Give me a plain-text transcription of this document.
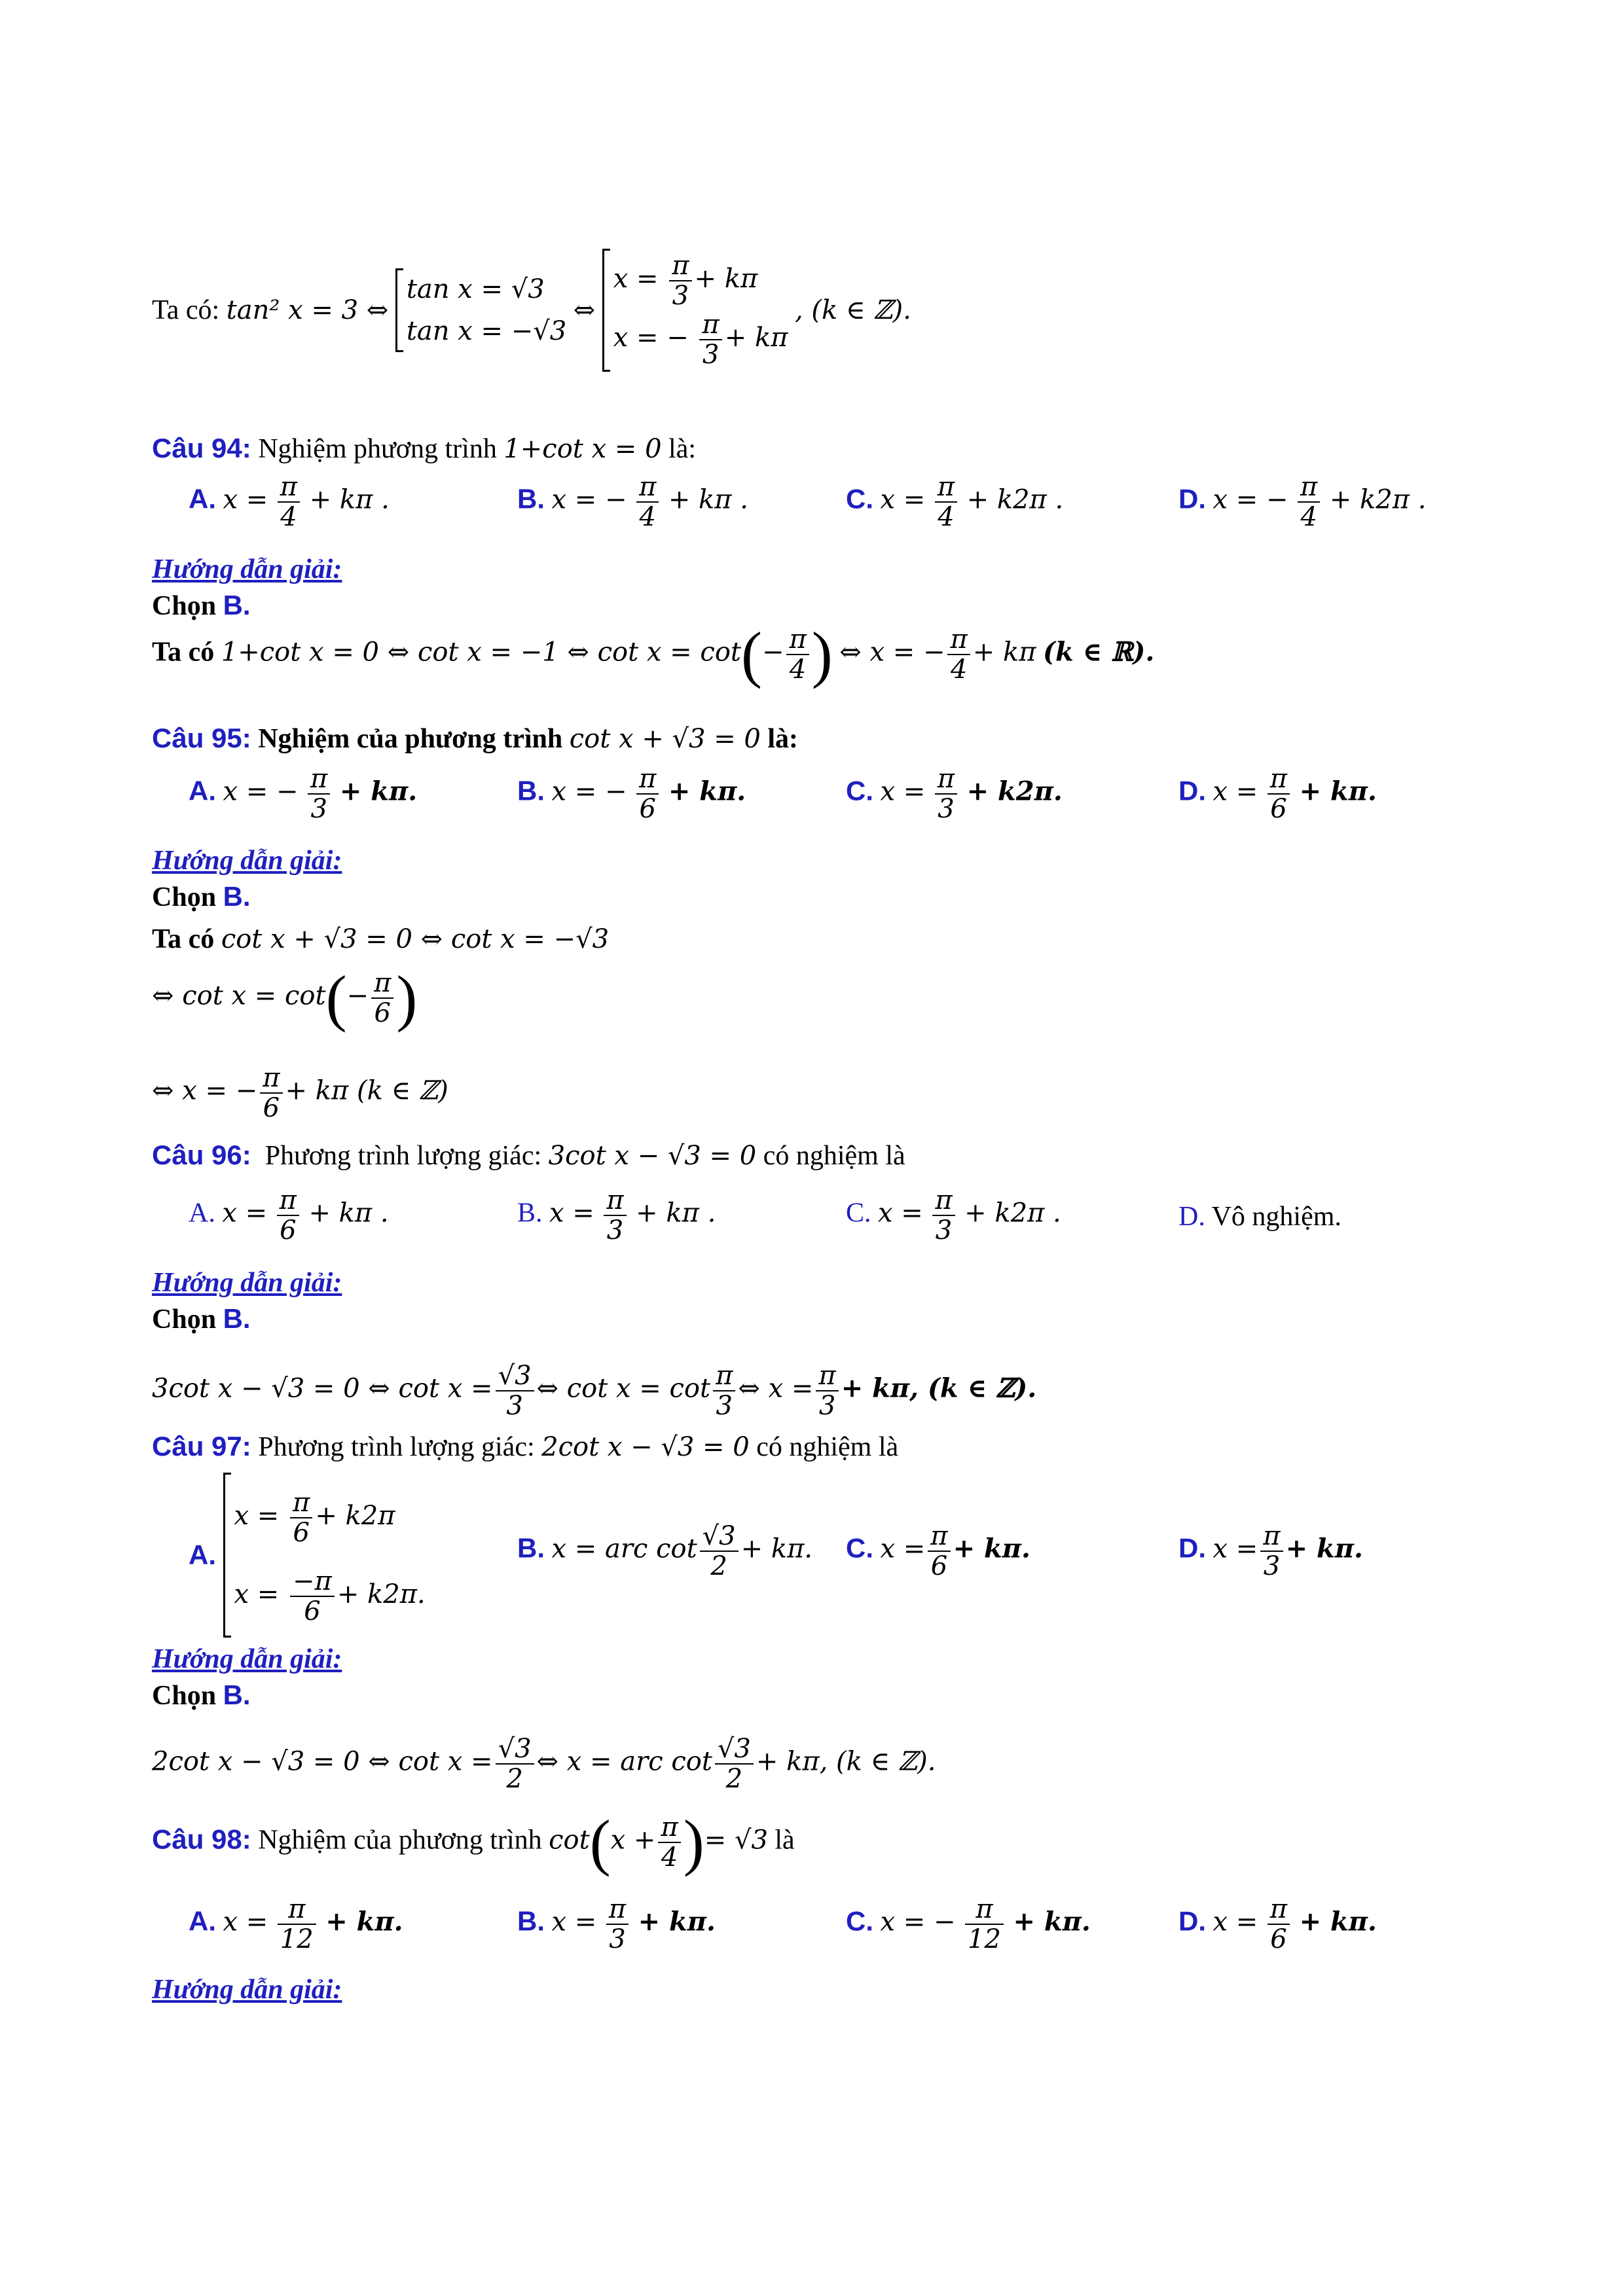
Ta có: tan² x = 3 ⇔
tan x = √3
tan x = −√3
⇔
$x = \frac{\pi}{3} + k\pi$
x = − $\frac{\pi}{3} + k\pi$
, (k ∈ ℤ).
Câu 94: Nghiệm phương trình 1+cot x = 0 là:
A. $x = \frac{\pi}{4} + k\pi$ .	B. x = − $\frac{\pi}{4} + k\pi$ .	C. $x = \frac{\pi}{4} + k2\pi$ .	D. x = − $\frac{\pi}{4} + k2\pi$ .
Hướng dẫn giải:
Chọn B.
Ta có 1+cot x = 0 ⇔ cot x = −1 ⇔ $\cot x = \cot(- \frac{\pi}{4}$ ) ⇔ x = − $\frac{\pi}{4} + k\pi$ (k ∈ ℝ).
Câu 95: Nghiệm của phương trình cot x + √3 = 0 là:
A. x = − $\frac{\pi}{3} + k\pi$.	B. x = − $\frac{\pi}{6} + k\pi$.	C. $x = \frac{\pi}{3} + k2\pi$.	D. $x = \frac{\pi}{6} + k\pi$.
Hướng dẫn giải:
Chọn B.
Ta có cot x + √3 = 0 ⇔ cot x = −√3
⇔ $\cot x = \cot(- \frac{\pi}{6}$ )
⇔ x = − $\frac{\pi}{6} + k\pi$ (k ∈ ℤ)
Câu 96: Phương trình lượng giác: 3cot x − √3 = 0 có nghiệm là
A. $x = \frac{\pi}{6} + k\pi$ .	B. $x = \frac{\pi}{3} + k\pi$ .	C. $x = \frac{\pi}{3} + k2\pi$ .	D. Vô nghiệm.
Hướng dẫn giải:
Chọn B.
3cot x − √3 = 0 ⇔ $\cot x = \frac{√3}{3}$ ⇔ $\cot x = \cot \frac{\pi}{3}$ ⇔ $x = \frac{\pi}{3} + k\pi$, (k ∈ ℤ).
Câu 97: Phương trình lượng giác: 2cot x − √3 = 0 có nghiệm là
A.
$x = \frac{\pi}{6} + k2\pi$
$x = \frac{-\pi}{6} + k2\pi$.
B. x = arc $\cot \frac{√3}{2} + k\pi$. C. $x = \frac{\pi}{6} + k\pi$.	D. $x = \frac{\pi}{3} + k\pi$.
Hướng dẫn giải:
Chọn B.
2cot x − √3 = 0 ⇔ $\cot x = \frac{√3}{2}$ ⇔ x = arc $\cot \frac{√3}{2} + k\pi$, (k ∈ ℤ).
Câu 98: Nghiệm của phương trình $\cot(x + \frac{\pi}{4}$ )= √3 là
A. $x = \frac{\pi}{12} + k\pi$.	B. $x = \frac{\pi}{3} + k\pi$.	C. x = − $\frac{\pi}{12} + k\pi$.	D. $x = \frac{\pi}{6} + k\pi$.
Hướng dẫn giải:
